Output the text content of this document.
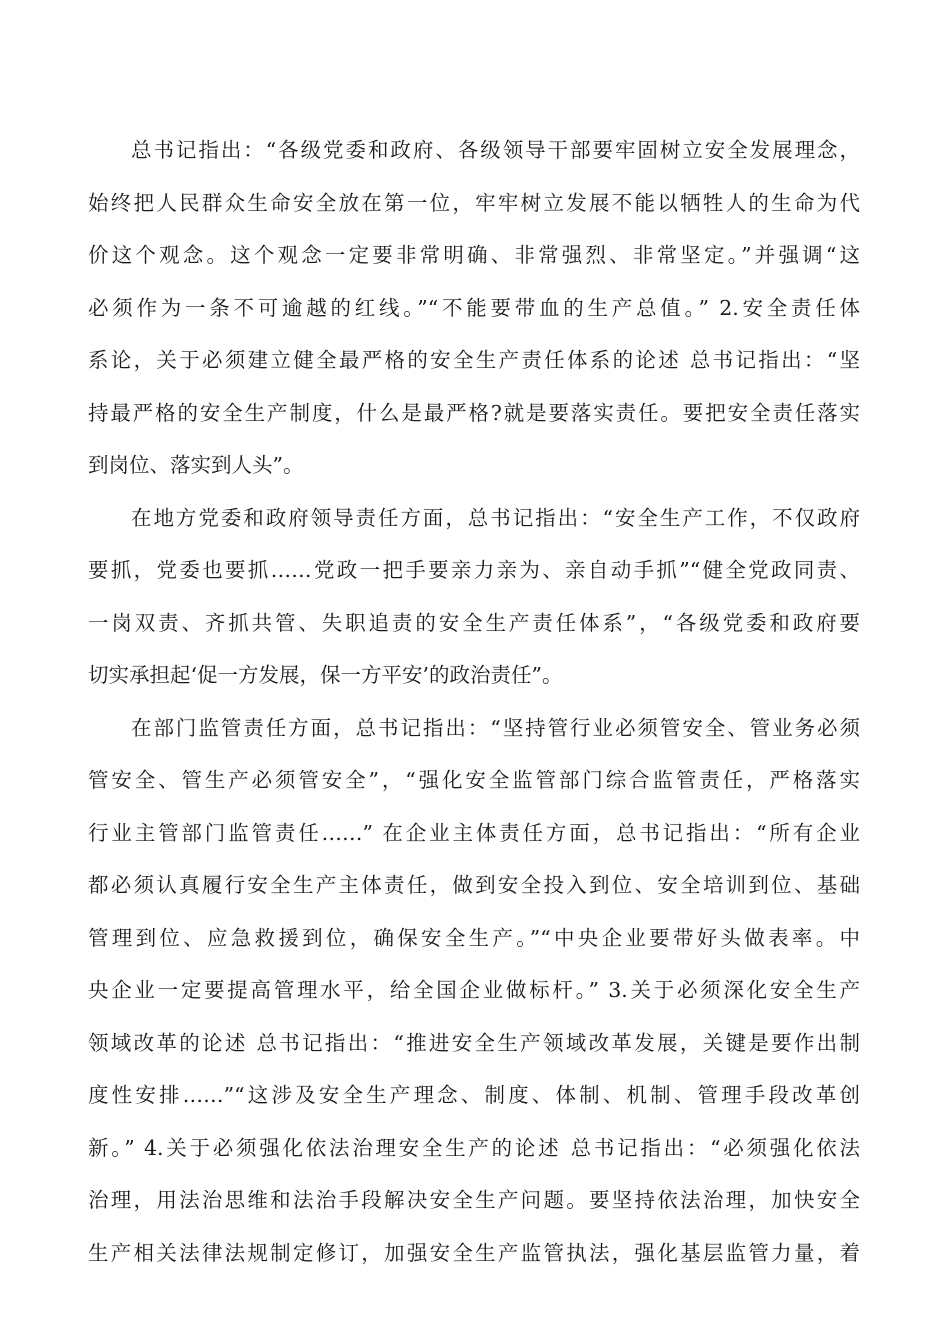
总书记指出：“各级党委和政府、各级领导干部要牢固树立安全发展理念，
始终把人民群众生命安全放在第一位，牢牢树立发展不能以牺牲人的生命为代
价这个观念。这个观念一定要非常明确、非常强烈、非常坚定。”并强调“这
必须作为一条不可逾越的红线。”“不能要带血的生产总值。” 2.安全责任体
系论，关于必须建立健全最严格的安全生产责任体系的论述 总书记指出：“坚
持最严格的安全生产制度，什么是最严格?就是要落实责任。要把安全责任落实
到岗位、落实到人头”。
在地方党委和政府领导责任方面，总书记指出：“安全生产工作，不仅政府
要抓，党委也要抓……党政一把手要亲力亲为、亲自动手抓”“健全党政同责、
一岗双责、齐抓共管、失职追责的安全生产责任体系”，“各级党委和政府要
切实承担起‘促一方发展，保一方平安’的政治责任”。
在部门监管责任方面，总书记指出：“坚持管行业必须管安全、管业务必须
管安全、管生产必须管安全”，“强化安全监管部门综合监管责任，严格落实
行业主管部门监管责任……” 在企业主体责任方面，总书记指出：“所有企业
都必须认真履行安全生产主体责任，做到安全投入到位、安全培训到位、基础
管理到位、应急救援到位，确保安全生产。”“中央企业要带好头做表率。中
央企业一定要提高管理水平，给全国企业做标杆。” 3.关于必须深化安全生产
领域改革的论述 总书记指出：“推进安全生产领域改革发展，关键是要作出制
度性安排……”“这涉及安全生产理念、制度、体制、机制、管理手段改革创
新。” 4.关于必须强化依法治理安全生产的论述 总书记指出：“必须强化依法
治理，用法治思维和法治手段解决安全生产问题。要坚持依法治理，加快安全
生产相关法律法规制定修订，加强安全生产监管执法，强化基层监管力量，着
